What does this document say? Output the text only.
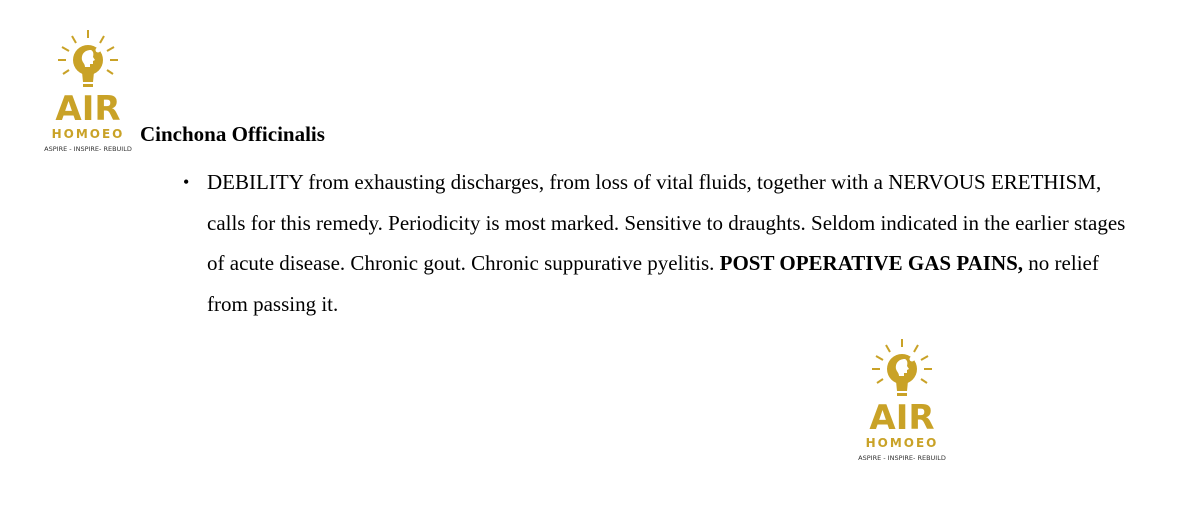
AIR
HOMOEO
ASPIRE - INSPIRE- REBUILD
Cinchona Officinalis
• DEBILITY from exhausting discharges, from loss of vital fluids, together with a NERVOUS ERETHISM, calls for this remedy. Periodicity is most marked. Sensitive to draughts. Seldom indicated in the earlier stages of acute disease. Chronic gout. Chronic suppurative pyelitis. POST OPERATIVE GAS PAINS, no relief from passing it.
AIR
HOMOEO
ASPIRE - INSPIRE- REBUILD
